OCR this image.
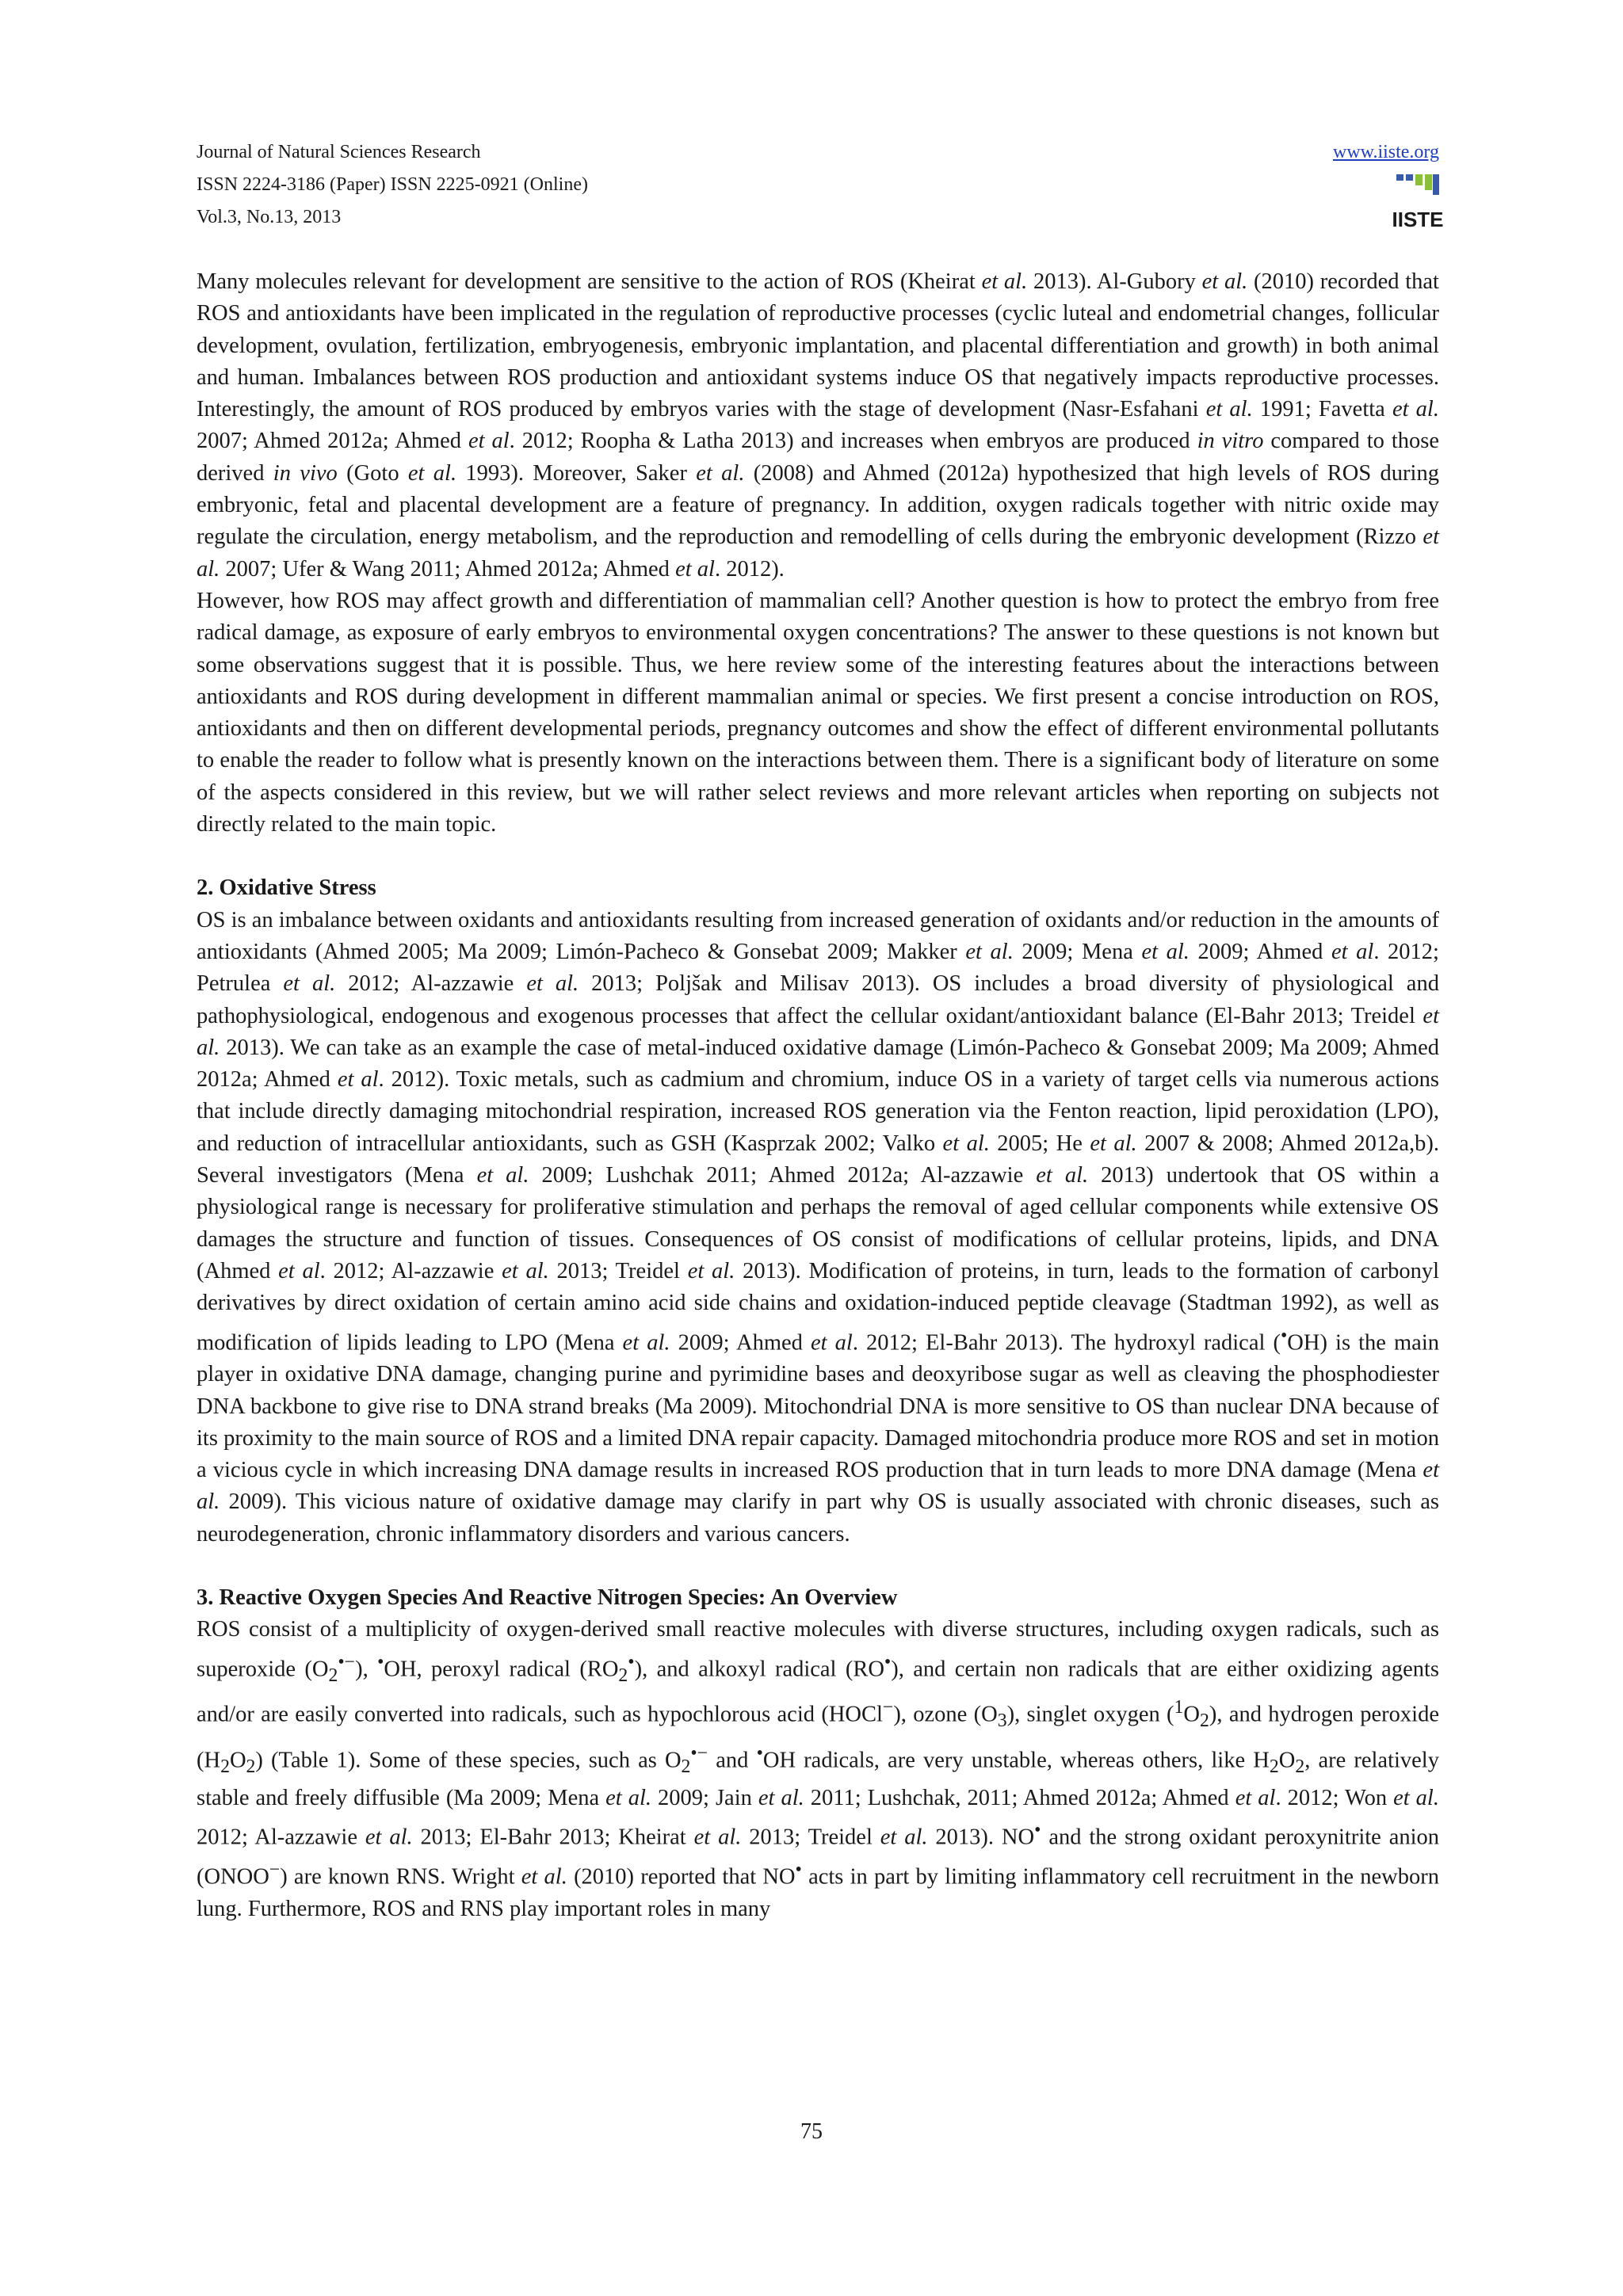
Journal of Natural Sciences Research
ISSN 2224-3186 (Paper) ISSN 2225-0921 (Online)
Vol.3, No.13, 2013
www.iiste.org
IISTE

Many molecules relevant for development are sensitive to the action of ROS (Kheirat et al. 2013). Al-Gubory et al. (2010) recorded that ROS and antioxidants have been implicated in the regulation of reproductive processes (cyclic luteal and endometrial changes, follicular development, ovulation, fertilization, embryogenesis, embryonic implantation, and placental differentiation and growth) in both animal and human. Imbalances between ROS production and antioxidant systems induce OS that negatively impacts reproductive processes. Interestingly, the amount of ROS produced by embryos varies with the stage of development (Nasr-Esfahani et al. 1991; Favetta et al. 2007; Ahmed 2012a; Ahmed et al. 2012; Roopha & Latha 2013) and increases when embryos are produced in vitro compared to those derived in vivo (Goto et al. 1993). Moreover, Saker et al. (2008) and Ahmed (2012a) hypothesized that high levels of ROS during embryonic, fetal and placental development are a feature of pregnancy. In addition, oxygen radicals together with nitric oxide may regulate the circulation, energy metabolism, and the reproduction and remodelling of cells during the embryonic development (Rizzo et al. 2007; Ufer & Wang 2011; Ahmed 2012a; Ahmed et al. 2012).

However, how ROS may affect growth and differentiation of mammalian cell? Another question is how to protect the embryo from free radical damage, as exposure of early embryos to environmental oxygen concentrations? The answer to these questions is not known but some observations suggest that it is possible. Thus, we here review some of the interesting features about the interactions between antioxidants and ROS during development in different mammalian animal or species. We first present a concise introduction on ROS, antioxidants and then on different developmental periods, pregnancy outcomes and show the effect of different environmental pollutants to enable the reader to follow what is presently known on the interactions between them. There is a significant body of literature on some of the aspects considered in this review, but we will rather select reviews and more relevant articles when reporting on subjects not directly related to the main topic.

2. Oxidative Stress

OS is an imbalance between oxidants and antioxidants resulting from increased generation of oxidants and/or reduction in the amounts of antioxidants (Ahmed 2005; Ma 2009; Limón-Pacheco & Gonsebat 2009; Makker et al. 2009; Mena et al. 2009; Ahmed et al. 2012; Petrulea et al. 2012; Al-azzawie et al. 2013; Poljšak and Milisav 2013). OS includes a broad diversity of physiological and pathophysiological, endogenous and exogenous processes that affect the cellular oxidant/antioxidant balance (El-Bahr 2013; Treidel et al. 2013). We can take as an example the case of metal-induced oxidative damage (Limón-Pacheco & Gonsebat 2009; Ma 2009; Ahmed 2012a; Ahmed et al. 2012). Toxic metals, such as cadmium and chromium, induce OS in a variety of target cells via numerous actions that include directly damaging mitochondrial respiration, increased ROS generation via the Fenton reaction, lipid peroxidation (LPO), and reduction of intracellular antioxidants, such as GSH (Kasprzak 2002; Valko et al. 2005; He et al. 2007 & 2008; Ahmed 2012a,b). Several investigators (Mena et al. 2009; Lushchak 2011; Ahmed 2012a; Al-azzawie et al. 2013) undertook that OS within a physiological range is necessary for proliferative stimulation and perhaps the removal of aged cellular components while extensive OS damages the structure and function of tissues. Consequences of OS consist of modifications of cellular proteins, lipids, and DNA (Ahmed et al. 2012; Al-azzawie et al. 2013; Treidel et al. 2013). Modification of proteins, in turn, leads to the formation of carbonyl derivatives by direct oxidation of certain amino acid side chains and oxidation-induced peptide cleavage (Stadtman 1992), as well as modification of lipids leading to LPO (Mena et al. 2009; Ahmed et al. 2012; El-Bahr 2013). The hydroxyl radical (•OH) is the main player in oxidative DNA damage, changing purine and pyrimidine bases and deoxyribose sugar as well as cleaving the phosphodiester DNA backbone to give rise to DNA strand breaks (Ma 2009). Mitochondrial DNA is more sensitive to OS than nuclear DNA because of its proximity to the main source of ROS and a limited DNA repair capacity. Damaged mitochondria produce more ROS and set in motion a vicious cycle in which increasing DNA damage results in increased ROS production that in turn leads to more DNA damage (Mena et al. 2009). This vicious nature of oxidative damage may clarify in part why OS is usually associated with chronic diseases, such as neurodegeneration, chronic inflammatory disorders and various cancers.

3. Reactive Oxygen Species And Reactive Nitrogen Species: An Overview

ROS consist of a multiplicity of oxygen-derived small reactive molecules with diverse structures, including oxygen radicals, such as superoxide $(O_2^{•-})$, •OH, peroxyl radical $(RO_2^•)$, and alkoxyl radical (RO•), and certain non radicals that are either oxidizing agents and/or are easily converted into radicals, such as hypochlorous acid (HOCl−), ozone $(O_3)$, singlet oxygen $(^1O_2)$, and hydrogen peroxide $(H_2O_2)$ (Table 1). Some of these species, such as $O_2^{•-}$ and •OH radicals, are very unstable, whereas others, like $H_2O_2$, are relatively stable and freely diffusible (Ma 2009; Mena et al. 2009; Jain et al. 2011; Lushchak, 2011; Ahmed 2012a; Ahmed et al. 2012; Won et al. 2012; Al-azzawie et al. 2013; El-Bahr 2013; Kheirat et al. 2013; Treidel et al. 2013). NO• and the strong oxidant peroxynitrite anion (ONOO−) are known RNS. Wright et al. (2010) reported that NO• acts in part by limiting inflammatory cell recruitment in the newborn lung. Furthermore, ROS and RNS play important roles in many

75
